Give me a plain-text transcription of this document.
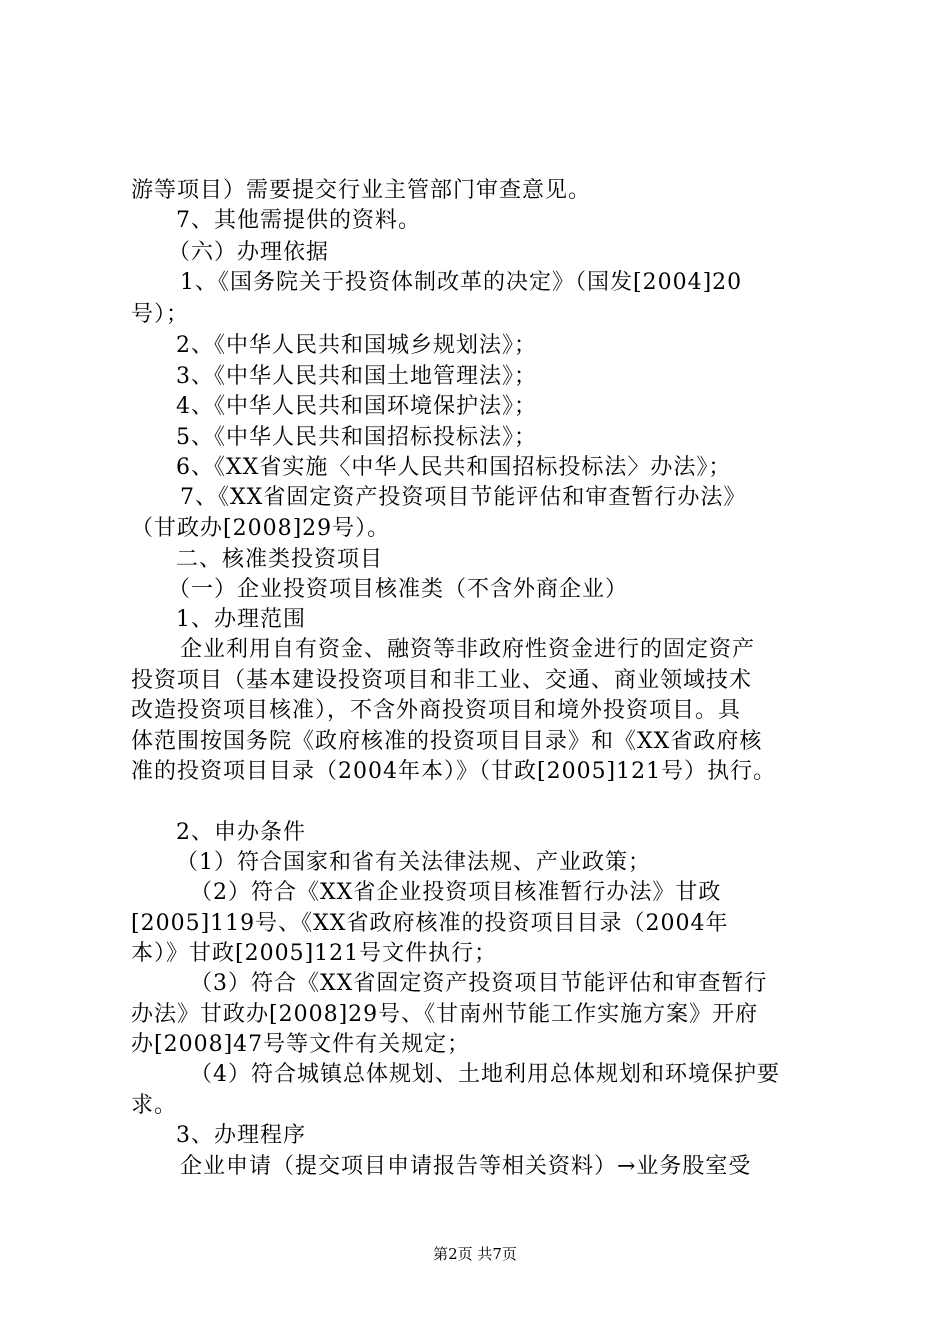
游等项目）需要提交行业主管部门审查意见。
7、其他需提供的资料。
（六）办理依据
1、《国务院关于投资体制改革的决定》（国发[2004]20
号）；
2、《中华人民共和国城乡规划法》；
3、《中华人民共和国土地管理法》；
4、《中华人民共和国环境保护法》；
5、《中华人民共和国招标投标法》；
6、《XX省实施〈中华人民共和国招标投标法〉办法》；
7、《XX省固定资产投资项目节能评估和审查暂行办法》
（甘政办[2008]29号）。
二、核准类投资项目
（一）企业投资项目核准类（不含外商企业）
1、办理范围
企业利用自有资金、融资等非政府性资金进行的固定资产
投资项目（基本建设投资项目和非工业、交通、商业领域技术
改造投资项目核准），不含外商投资项目和境外投资项目。具
体范围按国务院《政府核准的投资项目目录》和《XX省政府核
准的投资项目目录（2004年本）》（甘政[2005]121号）执行。
2、申办条件
（1）符合国家和省有关法律法规、产业政策；
（2）符合《XX省企业投资项目核准暂行办法》甘政
[2005]119号、《XX省政府核准的投资项目目录（2004年
本）》甘政[2005]121号文件执行；
（3）符合《XX省固定资产投资项目节能评估和审查暂行
办法》甘政办[2008]29号、《甘南州节能工作实施方案》开府
办[2008]47号等文件有关规定；
（4）符合城镇总体规划、土地利用总体规划和环境保护要
求。
3、办理程序
企业申请（提交项目申请报告等相关资料）→业务股室受
第2页 共7页
